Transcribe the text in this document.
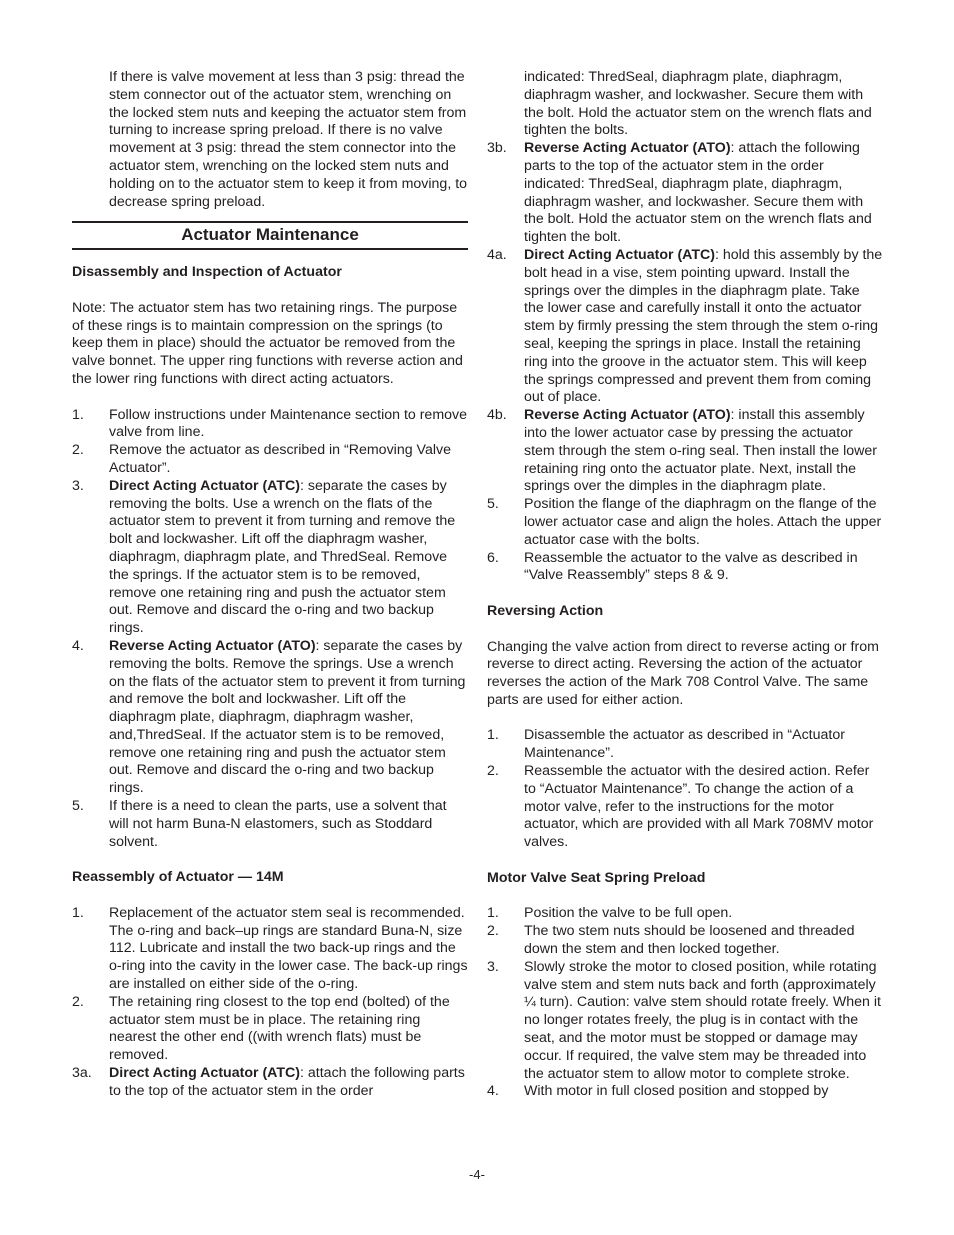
If there is valve movement at less than 3 psig: thread the stem connector out of the actuator stem, wrenching on the locked stem nuts and keeping the actuator stem from turning to increase spring preload. If there is no valve movement at 3 psig: thread the stem connector into the actuator stem, wrenching on the locked stem nuts and holding on to the actuator stem to keep it from moving, to decrease spring preload.

Actuator Maintenance

Disassembly and Inspection of Actuator

Note: The actuator stem has two retaining rings. The purpose of these rings is to maintain compression on the springs (to keep them in place) should the actuator be removed from the valve bonnet. The upper ring functions with reverse action and the lower ring functions with direct acting actuators.

1. Follow instructions under Maintenance section to remove valve from line.
2. Remove the actuator as described in “Removing Valve Actuator”.
3. Direct Acting Actuator (ATC): separate the cases by removing the bolts. Use a wrench on the flats of the actuator stem to prevent it from turning and remove the bolt and lockwasher. Lift off the diaphragm washer, diaphragm, diaphragm plate, and ThredSeal. Remove the springs. If the actuator stem is to be removed, remove one retaining ring and push the actuator stem out. Remove and discard the o-ring and two backup rings.
4. Reverse Acting Actuator (ATO): separate the cases by removing the bolts. Remove the springs. Use a wrench on the flats of the actuator stem to prevent it from turning and remove the bolt and lockwasher. Lift off the diaphragm plate, diaphragm, diaphragm washer, and,ThredSeal. If the actuator stem is to be removed, remove one retaining ring and push the actuator stem out. Remove and discard the o-ring and two backup rings.
5. If there is a need to clean the parts, use a solvent that will not harm Buna-N elastomers, such as Stoddard solvent.

Reassembly of Actuator — 14M

1. Replacement of the actuator stem seal is recommended. The o-ring and back–up rings are standard Buna-N, size 112. Lubricate and install the two back-up rings and the o-ring into the cavity in the lower case. The back-up rings are installed on either side of the o-ring.
2. The retaining ring closest to the top end (bolted) of the actuator stem must be in place. The retaining ring nearest the other end ((with wrench flats) must be removed.
3a. Direct Acting Actuator (ATC): attach the following parts to the top of the actuator stem in the order

indicated: ThredSeal, diaphragm plate, diaphragm, diaphragm washer, and lockwasher. Secure them with the bolt. Hold the actuator stem on the wrench flats and tighten the bolts.

3b. Reverse Acting Actuator (ATO): attach the following parts to the top of the actuator stem in the order indicated: ThredSeal, diaphragm plate, diaphragm, diaphragm washer, and lockwasher. Secure them with the bolt. Hold the actuator stem on the wrench flats and tighten the bolt.
4a. Direct Acting Actuator (ATC): hold this assembly by the bolt head in a vise, stem pointing upward. Install the springs over the dimples in the diaphragm plate. Take the lower case and carefully install it onto the actuator stem by firmly pressing the stem through the stem o-ring seal, keeping the springs in place. Install the retaining ring into the groove in the actuator stem. This will keep the springs compressed and prevent them from coming out of place.
4b. Reverse Acting Actuator (ATO): install this assembly into the lower actuator case by pressing the actuator stem through the stem o-ring seal. Then install the lower retaining ring onto the actuator plate. Next, install the springs over the dimples in the diaphragm plate.
5. Position the flange of the diaphragm on the flange of the lower actuator case and align the holes. Attach the upper actuator case with the bolts.
6. Reassemble the actuator to the valve as described in “Valve Reassembly” steps 8 & 9.

Reversing Action

Changing the valve action from direct to reverse acting or from reverse to direct acting. Reversing the action of the actuator reverses the action of the Mark 708 Control Valve. The same parts are used for either action.

1. Disassemble the actuator as described in “Actuator Maintenance”.
2. Reassemble the actuator with the desired action. Refer to “Actuator Maintenance”. To change the action of a motor valve, refer to the instructions for the motor actuator, which are provided with all Mark 708MV motor valves.

Motor Valve Seat Spring Preload

1. Position the valve to be full open.
2. The two stem nuts should be loosened and threaded down the stem and then locked together.
3. Slowly stroke the motor to closed position, while rotating valve stem and stem nuts back and forth (approximately ¼ turn). Caution: valve stem should rotate freely. When it no longer rotates freely, the plug is in contact with the seat, and the motor must be stopped or damage may occur. If required, the valve stem may be threaded into the actuator stem to allow motor to complete stroke.
4. With motor in full closed position and stopped by
-4-
